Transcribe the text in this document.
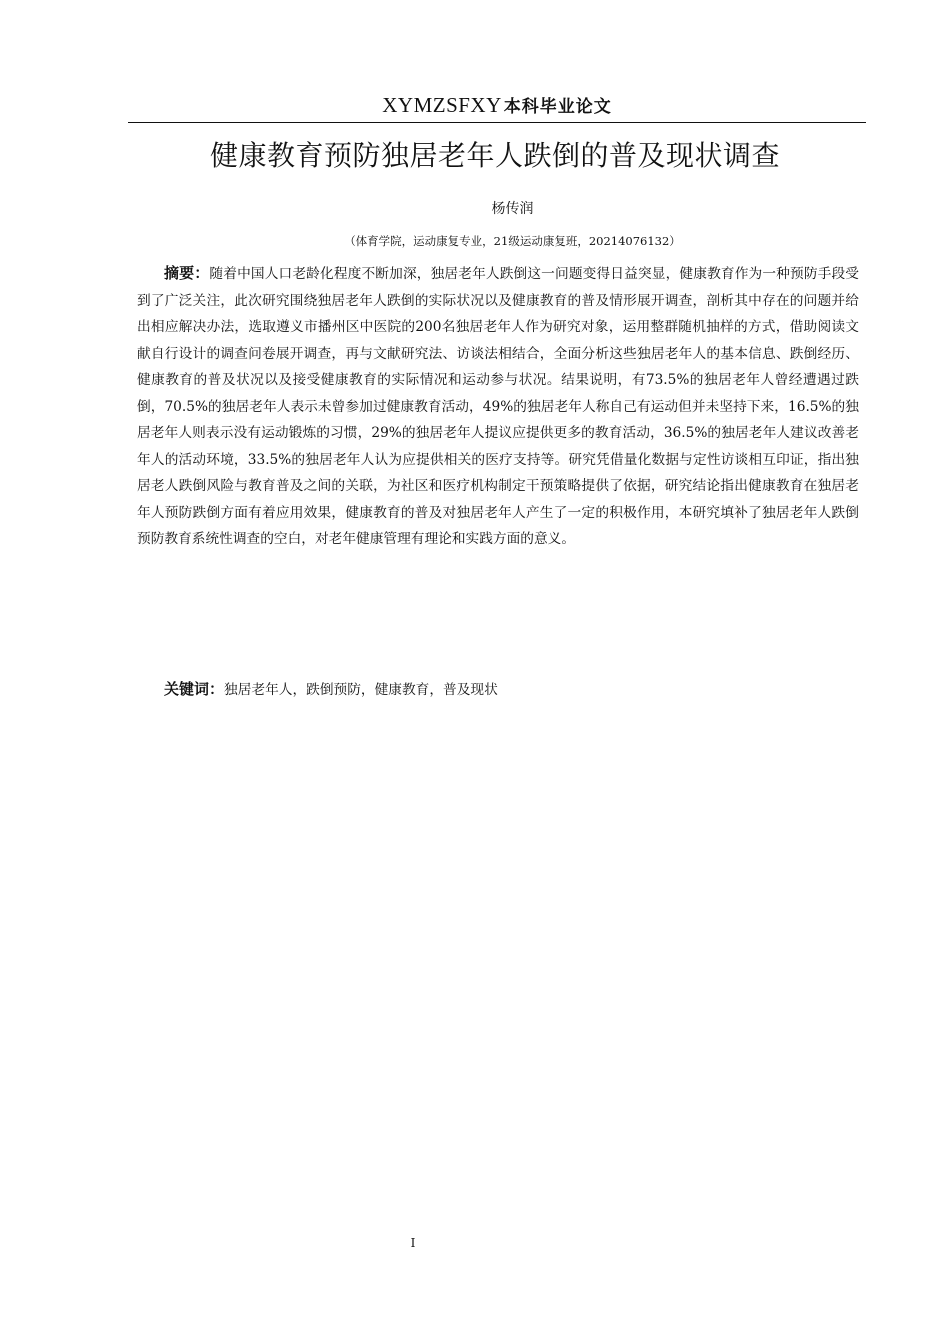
XYMZSFXY 本科毕业论文
健康教育预防独居老年人跌倒的普及现状调查
杨传润
（体育学院，运动康复专业，21级运动康复班，20214076132）

摘要：随着中国人口老龄化程度不断加深，独居老年人跌倒这一问题变得日益突显，健康教育作为一种预防手段受到了广泛关注，此次研究围绕独居老年人跌倒的实际状况以及健康教育的普及情形展开调查，剖析其中存在的问题并给出相应解决办法，选取遵义市播州区中医院的200名独居老年人作为研究对象，运用整群随机抽样的方式，借助阅读文献自行设计的调查问卷展开调查，再与文献研究法、访谈法相结合，全面分析这些独居老年人的基本信息、跌倒经历、健康教育的普及状况以及接受健康教育的实际情况和运动参与状况。结果说明，有73.5%的独居老年人曾经遭遇过跌倒，70.5%的独居老年人表示未曾参加过健康教育活动，49%的独居老年人称自己有运动但并未坚持下来，16.5%的独居老年人则表示没有运动锻炼的习惯，29%的独居老年人提议应提供更多的教育活动，36.5%的独居老年人建议改善老年人的活动环境，33.5%的独居老年人认为应提供相关的医疗支持等。研究凭借量化数据与定性访谈相互印证，指出独居老人跌倒风险与教育普及之间的关联，为社区和医疗机构制定干预策略提供了依据，研究结论指出健康教育在独居老年人预防跌倒方面有着应用效果，健康教育的普及对独居老年人产生了一定的积极作用，本研究填补了独居老年人跌倒预防教育系统性调查的空白，对老年健康管理有理论和实践方面的意义。

关键词：独居老年人，跌倒预防，健康教育，普及现状

I
